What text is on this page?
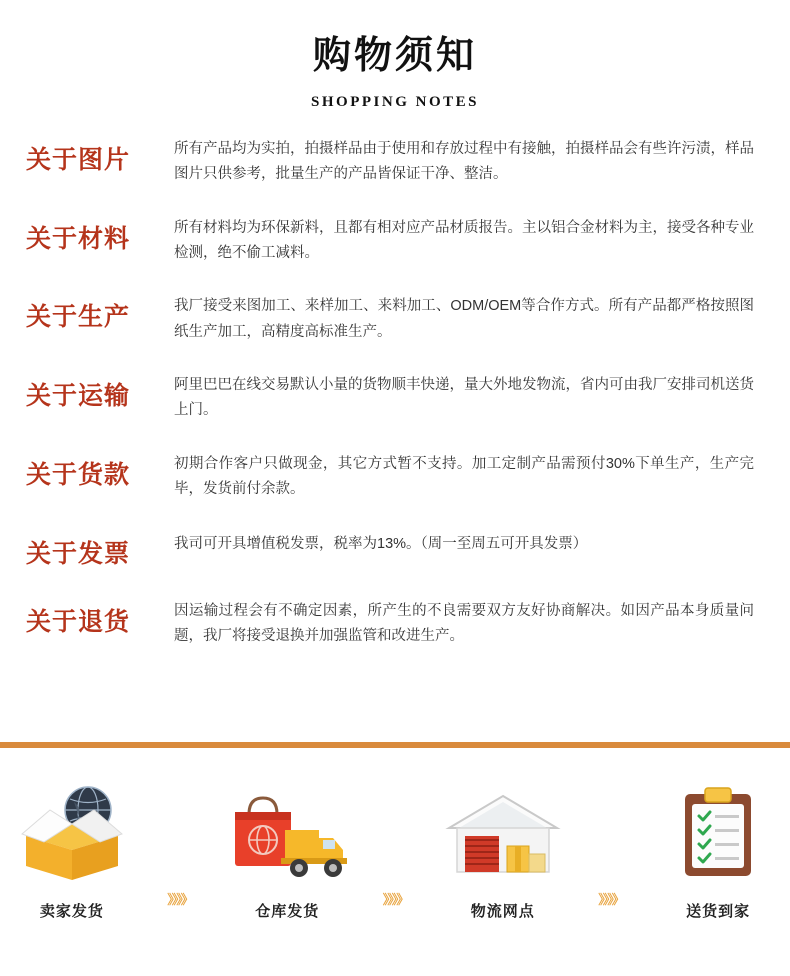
购物须知
SHOPPING NOTES
关于图片	所有产品均为实拍，拍摄样品由于使用和存放过程中有接触，拍摄样品会有些许污渍，样品图片只供参考，批量生产的产品皆保证干净、整洁。
关于材料	所有材料均为环保新料，且都有相对应产品材质报告。主以铝合金材料为主，接受各种专业检测，绝不偷工减料。
关于生产	我厂接受来图加工、来样加工、来料加工、ODM/OEM等合作方式。所有产品都严格按照图纸生产加工，高精度高标准生产。
关于运输	阿里巴巴在线交易默认小量的货物顺丰快递，量大外地发物流，省内可由我厂安排司机送货上门。
关于货款	初期合作客户只做现金，其它方式暂不支持。加工定制产品需预付30%下单生产，生产完毕，发货前付余款。
关于发票	我司可开具增值税发票，税率为13%。（周一至周五可开具发票）
关于退货	因运输过程会有不确定因素，所产生的不良需要双方友好协商解决。如因产品本身质量问题，我厂将接受退换并加强监管和改进生产。
卖家发货
》》》》
仓库发货
》》》》
物流网点
》》》》
送货到家
